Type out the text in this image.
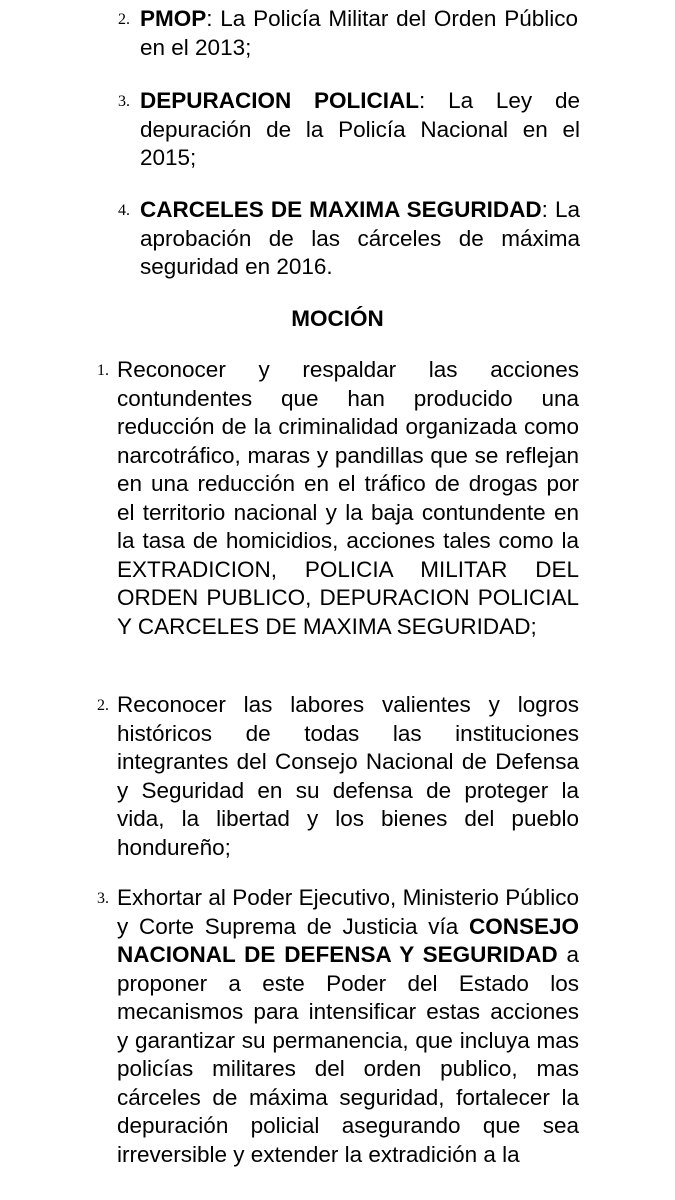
2. PMOP: La Policía Militar del Orden Público en el 2013;
3. DEPURACION POLICIAL: La Ley de depuración de la Policía Nacional en el 2015;
4. CARCELES DE MAXIMA SEGURIDAD: La aprobación de las cárceles de máxima seguridad en 2016.
MOCIÓN
1. Reconocer y respaldar las acciones contundentes que han producido una reducción de la criminalidad organizada como narcotráfico, maras y pandillas que se reflejan en una reducción en el tráfico de drogas por el territorio nacional y la baja contundente en la tasa de homicidios, acciones tales como la EXTRADICION, POLICIA MILITAR DEL ORDEN PUBLICO, DEPURACION POLICIAL Y CARCELES DE MAXIMA SEGURIDAD;
2. Reconocer las labores valientes y logros históricos de todas las instituciones integrantes del Consejo Nacional de Defensa y Seguridad en su defensa de proteger la vida, la libertad y los bienes del pueblo hondureño;
3. Exhortar al Poder Ejecutivo, Ministerio Público y Corte Suprema de Justicia vía CONSEJO NACIONAL DE DEFENSA Y SEGURIDAD a proponer a este Poder del Estado los mecanismos para intensificar estas acciones y garantizar su permanencia, que incluya mas policías militares del orden publico, mas cárceles de máxima seguridad, fortalecer la depuración policial asegurando que sea irreversible y extender la extradición a la
